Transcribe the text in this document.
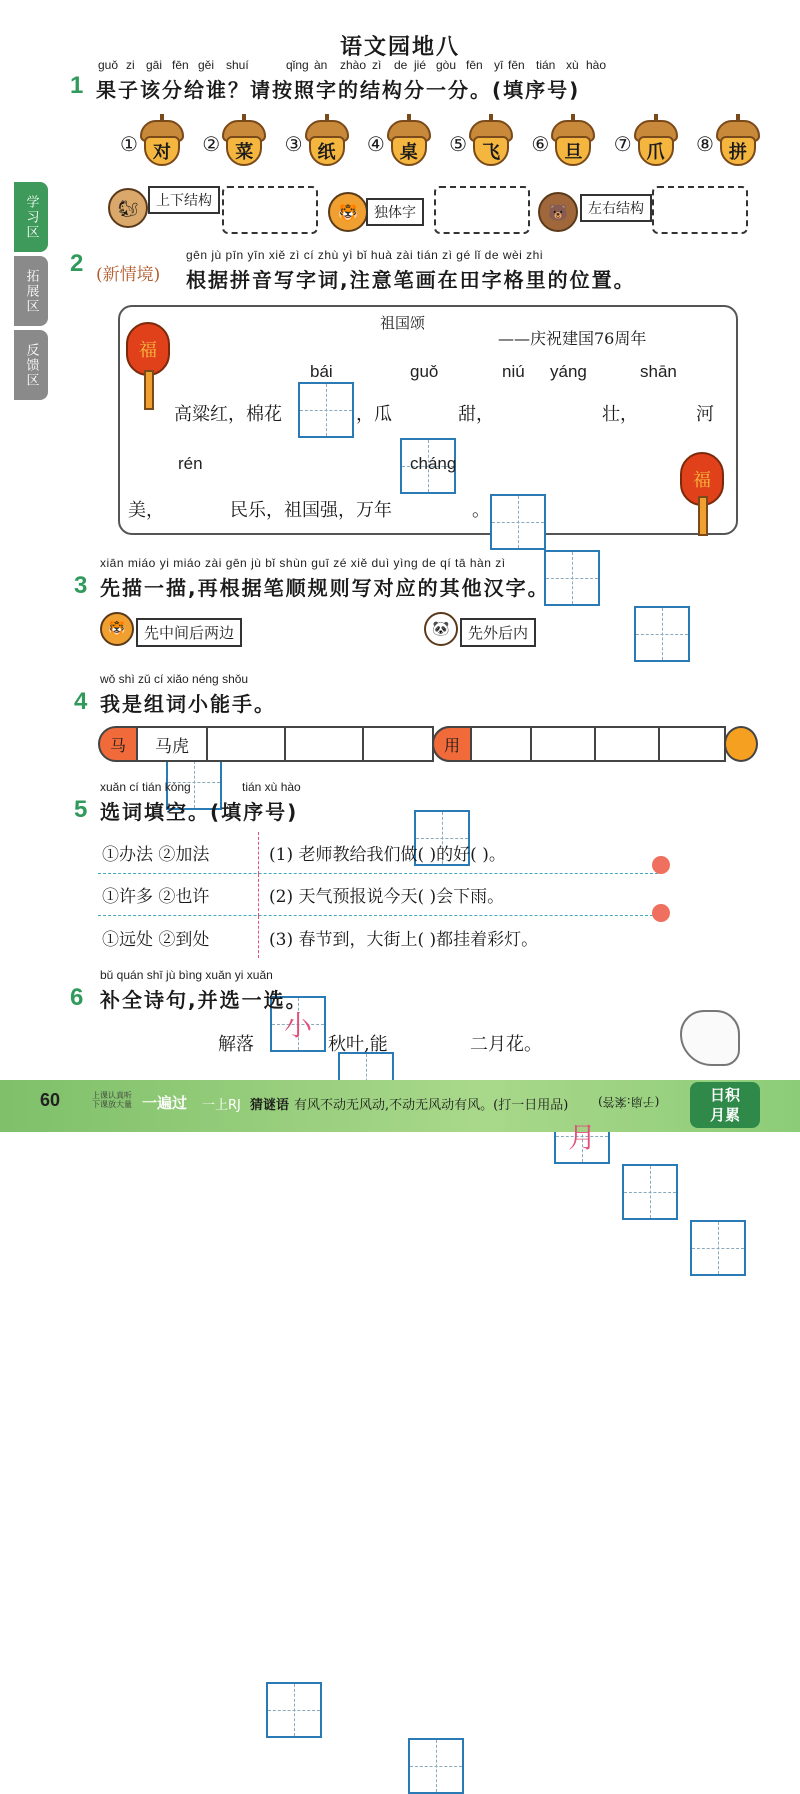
语文园地八
学习区
拓展区
反馈区
1
guǒ zi gāi fēn gěi shuí	qǐng àn zhào zì de jié gòu fēn yī fēn tián xù hào
果子该分给谁？请按照字的结构分一分。(填序号)
① 对	② 菜	③ 纸	④ 桌	⑤ 飞	⑥ 旦	⑦ 爪	⑧ 拼
🐿	上下结构
🐯	独体字	🐻	左右结构
2	gēn jù pīn yīn xiě zì cí zhù yì bǐ huà zài tián zì gé lǐ de wèi zhi
(新情境) 根据拼音写字词,注意笔画在田字格里的位置。
福
福
祖国颂
——庆祝建国76周年
bái	guǒ	niú yáng	shān
高粱红，棉花	，瓜	甜，	壮，	河
rén	cháng
美，	民乐，祖国强，万年	。
3
xiān miáo yi miáo zài gēn jù bǐ shùn guī zé xiě duì yìng de qí tā hàn zì
先描一描,再根据笔顺规则写对应的其他汉字。
🐯	先中间后两边
小
🐼	先外后内
月
4
wǒ shì zǔ cí xiǎo néng shǒu
我是组词小能手。
马	马虎	用
5
xuǎn cí tián kòng	tián xù hào
选词填空。(填序号)
①办法 ②加法	(1) 老师教给我们做( )的好( )。
①许多 ②也许	(2) 天气预报说今天( )会下雨。
①远处 ②到处	(3) 春节到，大街上( )都挂着彩灯。
6
bǔ quán shī jù bìng xuǎn yi xuǎn
补全诗句,并选一选。
解落	秋叶,能	二月花。
60	上课认真听 下课放大量 一遍过 一上RJ 猜谜语 有风不动无风动,不动无风动有风。(打一日用品) (子扇:案答)	日积
月累
